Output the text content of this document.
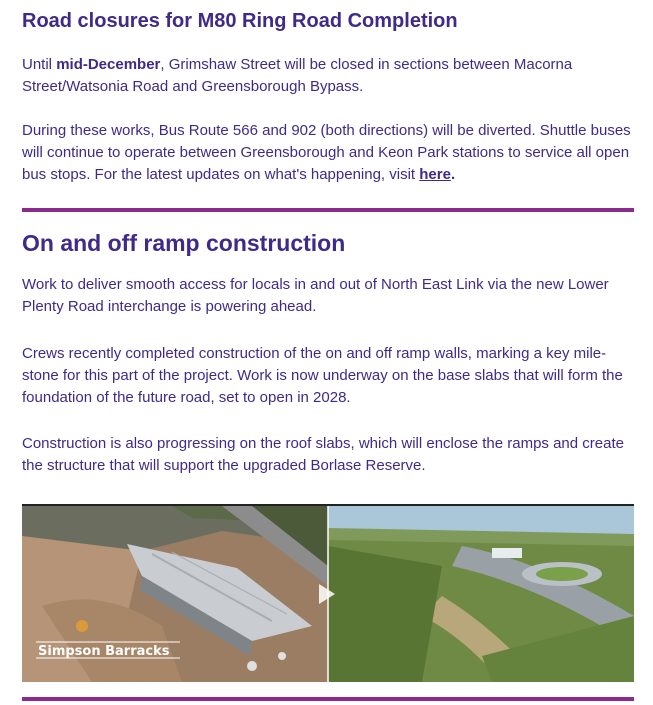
Road closures for M80 Ring Road Completion

Until mid-December, Grimshaw Street will be closed in sections between Macorna Street/Watsonia Road and Greensborough Bypass.

During these works, Bus Route 566 and 902 (both directions) will be diverted. Shuttle buses will continue to operate between Greensborough and Keon Park stations to service all open bus stops. For the latest updates on what's happening, visit here.

On and off ramp construction

Work to deliver smooth access for locals in and out of North East Link via the new Lower Plenty Road interchange is powering ahead.

Crews recently completed construction of the on and off ramp walls, marking a key mile-stone for this part of the project. Work is now underway on the base slabs that will form the foundation of the future road, set to open in 2028.

Construction is also progressing on the roof slabs, which will enclose the ramps and create the structure that will support the upgraded Borlase Reserve.

Simpson Barracks
